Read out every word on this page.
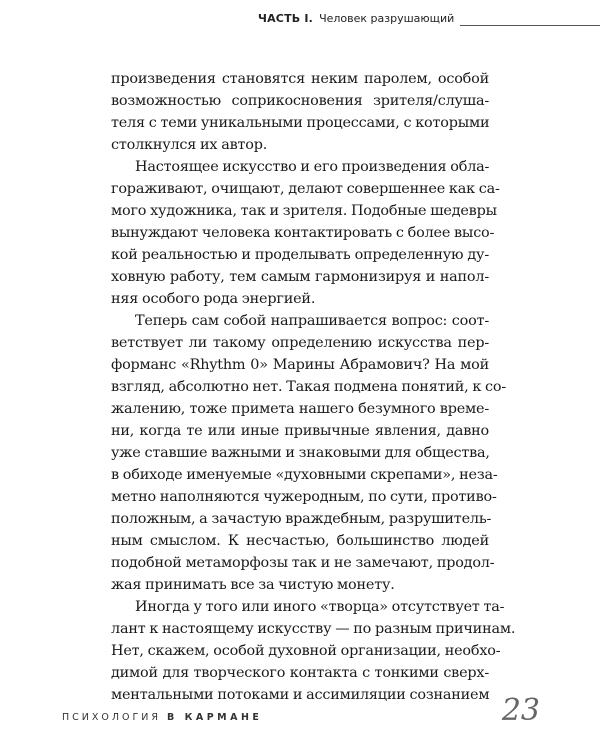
ЧАСТЬ I. Человек разрушающий
произведения становятся неким паролем, особой
возможностью соприкосновения зрителя/слуша-
теля с теми уникальными процессами, с которыми
столкнулся их автор.
Настоящее искусство и его произведения обла-
гораживают, очищают, делают совершеннее как са-
мого художника, так и зрителя. Подобные шедевры
вынуждают человека контактировать с более высо-
кой реальностью и проделывать определенную ду-
ховную работу, тем самым гармонизируя и напол-
няя особого рода энергией.
Теперь сам собой напрашивается вопрос: соот-
ветствует ли такому определению искусства пер-
форманс «Rhythm 0» Марины Абрамович? На мой
взгляд, абсолютно нет. Такая подмена понятий, к со-
жалению, тоже примета нашего безумного време-
ни, когда те или иные привычные явления, давно
уже ставшие важными и знаковыми для общества,
в обиходе именуемые «духовными скрепами», неза-
метно наполняются чужеродным, по сути, противо-
положным, а зачастую враждебным, разрушитель-
ным смыслом. К несчастью, большинство людей
подобной метаморфозы так и не замечают, продол-
жая принимать все за чистую монету.
Иногда у того или иного «творца» отсутствует та-
лант к настоящему искусству — по разным причинам.
Нет, скажем, особой духовной организации, необхо-
димой для творческого контакта с тонкими сверх-
ментальными потоками и ассимиляции сознанием
ПСИХОЛОГИЯ В КАРМАНЕ	23
